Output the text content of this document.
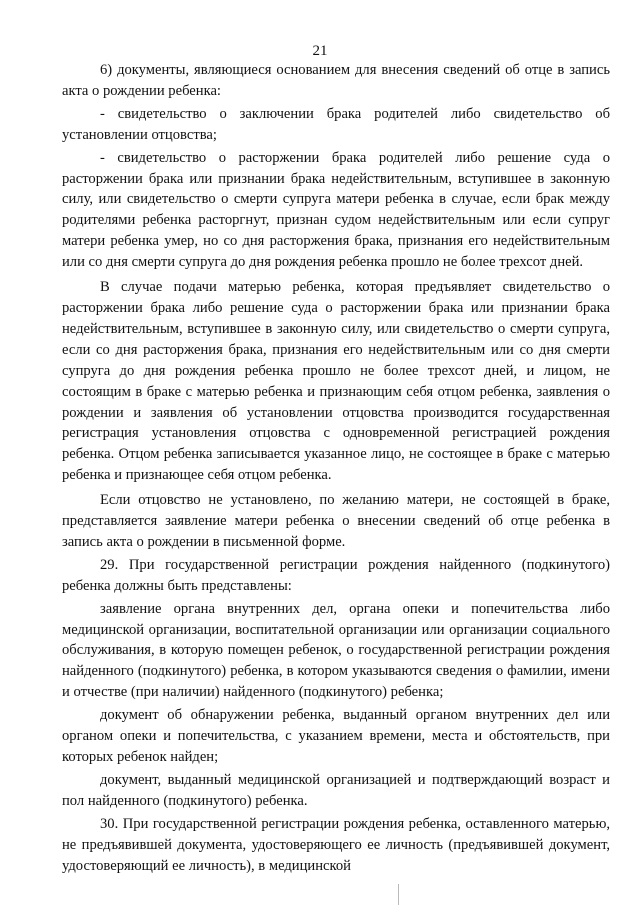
21

6) документы, являющиеся основанием для внесения сведений об отце в запись акта о рождении ребенка:

- свидетельство о заключении брака родителей либо свидетельство об установлении отцовства;

- свидетельство о расторжении брака родителей либо решение суда о расторжении брака или признании брака недействительным, вступившее в законную силу, или свидетельство о смерти супруга матери ребенка в случае, если брак между родителями ребенка расторгнут, признан судом недействительным или если супруг матери ребенка умер, но со дня расторжения брака, признания его недействительным или со дня смерти супруга до дня рождения ребенка прошло не более трехсот дней.

В случае подачи матерью ребенка, которая предъявляет свидетельство о расторжении брака либо решение суда о расторжении брака или признании брака недействительным, вступившее в законную силу, или свидетельство о смерти супруга, если со дня расторжения брака, признания его недействительным или со дня смерти супруга до дня рождения ребенка прошло не более трехсот дней, и лицом, не состоящим в браке с матерью ребенка и признающим себя отцом ребенка, заявления о рождении и заявления об установлении отцовства производится государственная регистрация установления отцовства с одновременной регистрацией рождения ребенка. Отцом ребенка записывается указанное лицо, не состоящее в браке с матерью ребенка и признающее себя отцом ребенка.

Если отцовство не установлено, по желанию матери, не состоящей в браке, представляется заявление матери ребенка о внесении сведений об отце ребенка в запись акта о рождении в письменной форме.

29. При государственной регистрации рождения найденного (подкинутого) ребенка должны быть представлены:

заявление органа внутренних дел, органа опеки и попечительства либо медицинской организации, воспитательной организации или организации социального обслуживания, в которую помещен ребенок, о государственной регистрации рождения найденного (подкинутого) ребенка, в котором указываются сведения о фамилии, имени и отчестве (при наличии) найденного (подкинутого) ребенка;

документ об обнаружении ребенка, выданный органом внутренних дел или органом опеки и попечительства, с указанием времени, места и обстоятельств, при которых ребенок найден;

документ, выданный медицинской организацией и подтверждающий возраст и пол найденного (подкинутого) ребенка.

30. При государственной регистрации рождения ребенка, оставленного матерью, не предъявившей документа, удостоверяющего ее личность (предъявившей документ, удостоверяющий ее личность), в медицинской
